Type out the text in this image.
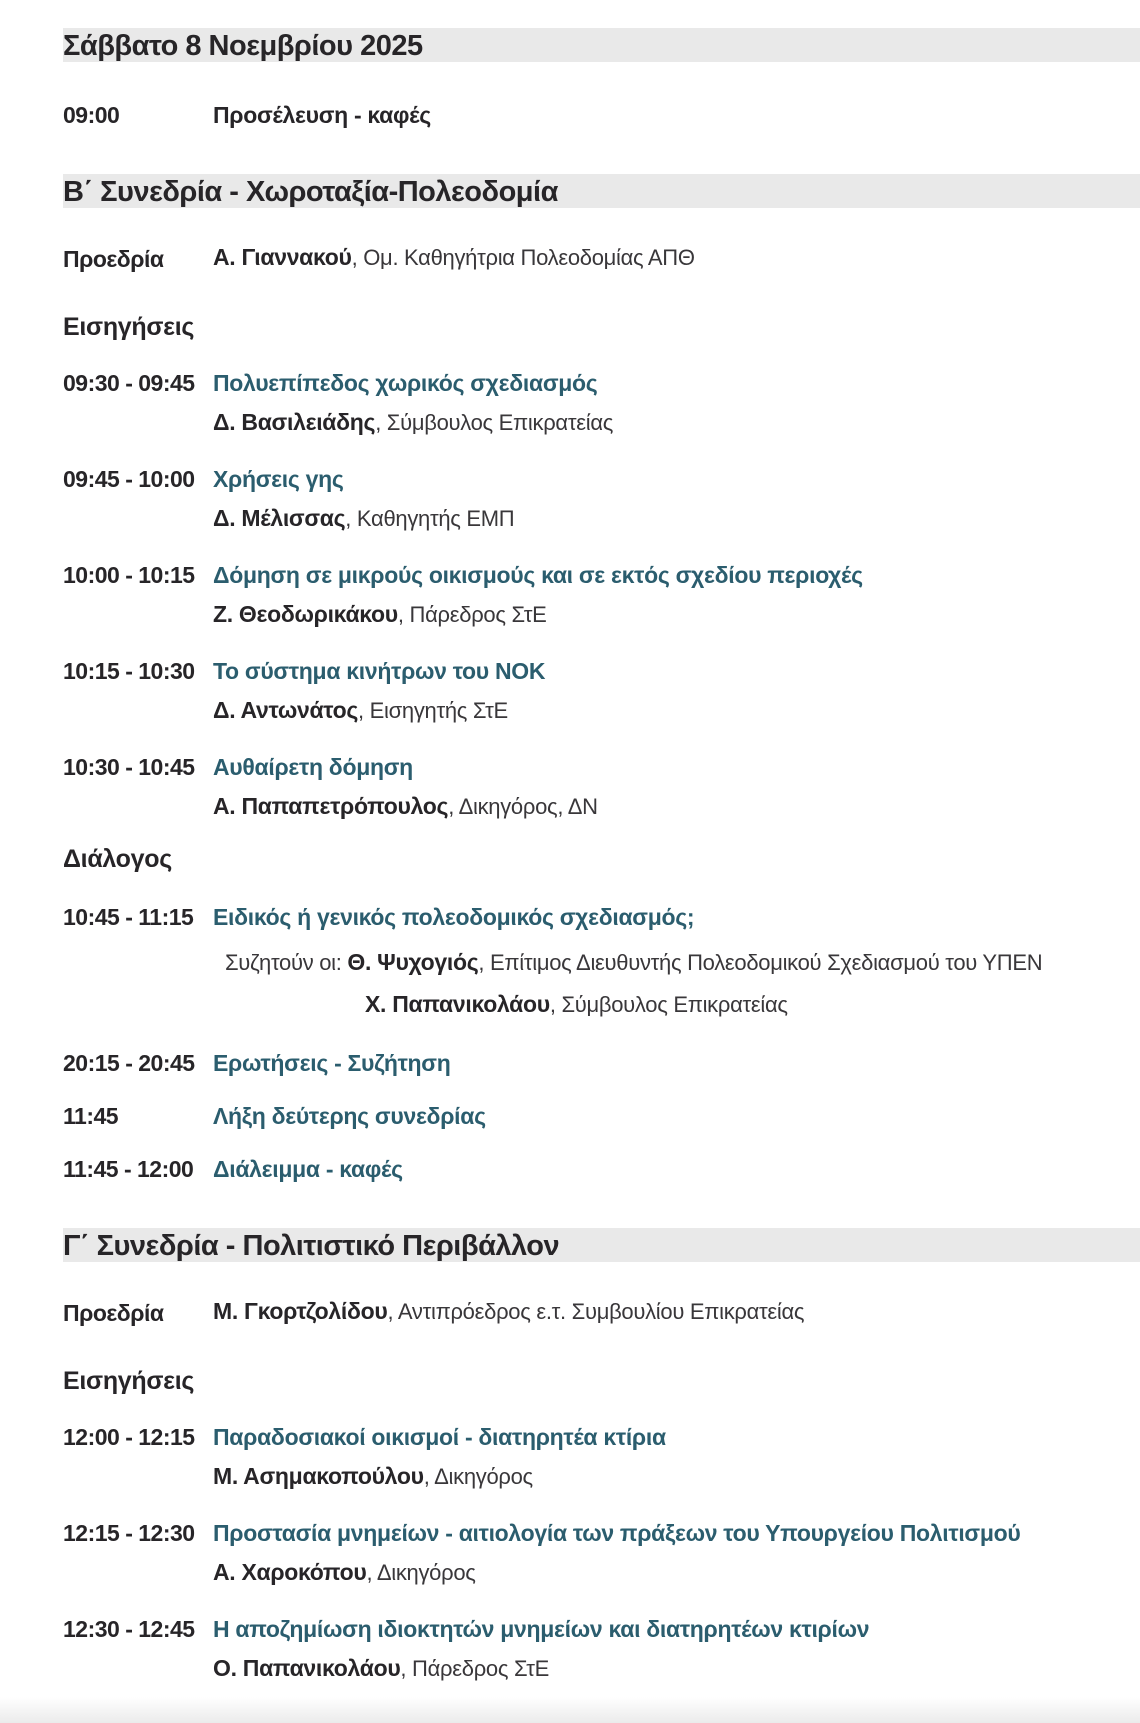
Σάββατο 8 Νοεμβρίου 2025
09:00	Προσέλευση - καφές
Β΄ Συνεδρία - Χωροταξία-Πολεοδομία
Προεδρία	Α. Γιαννακού, Ομ. Καθηγήτρια Πολεοδομίας ΑΠΘ
Εισηγήσεις
09:30 - 09:45 Πολυεπίπεδος χωρικός σχεδιασμός
Δ. Βασιλειάδης, Σύμβουλος Επικρατείας
09:45 - 10:00 Χρήσεις γης
Δ. Μέλισσας, Καθηγητής ΕΜΠ
10:00 - 10:15 Δόμηση σε μικρούς οικισμούς και σε εκτός σχεδίου περιοχές
Ζ. Θεοδωρικάκου, Πάρεδρος ΣτΕ
10:15 - 10:30 Το σύστημα κινήτρων του ΝΟΚ
Δ. Αντωνάτος, Εισηγητής ΣτΕ
10:30 - 10:45 Αυθαίρετη δόμηση
Α. Παπαπετρόπουλος, Δικηγόρος, ΔΝ
Διάλογος
10:45 - 11:15 Ειδικός ή γενικός πολεοδομικός σχεδιασμός;
Συζητούν οι: Θ. Ψυχογιός, Επίτιμος Διευθυντής Πολεοδομικού Σχεδιασμού του ΥΠΕΝ
Χ. Παπανικολάου, Σύμβουλος Επικρατείας
20:15 - 20:45 Ερωτήσεις - Συζήτηση
11:45	Λήξη δεύτερης συνεδρίας
11:45 - 12:00 Διάλειμμα - καφές
Γ΄ Συνεδρία - Πολιτιστικό Περιβάλλον
Προεδρία	Μ. Γκορτζολίδου, Αντιπρόεδρος ε.τ. Συμβουλίου Επικρατείας
Εισηγήσεις
12:00 - 12:15 Παραδοσιακοί οικισμοί - διατηρητέα κτίρια
Μ. Ασημακοπούλου, Δικηγόρος
12:15 - 12:30 Προστασία μνημείων - αιτιολογία των πράξεων του Υπουργείου Πολιτισμού
Α. Χαροκόπου, Δικηγόρος
12:30 - 12:45 Η αποζημίωση ιδιοκτητών μνημείων και διατηρητέων κτιρίων
Ο. Παπανικολάου, Πάρεδρος ΣτΕ
